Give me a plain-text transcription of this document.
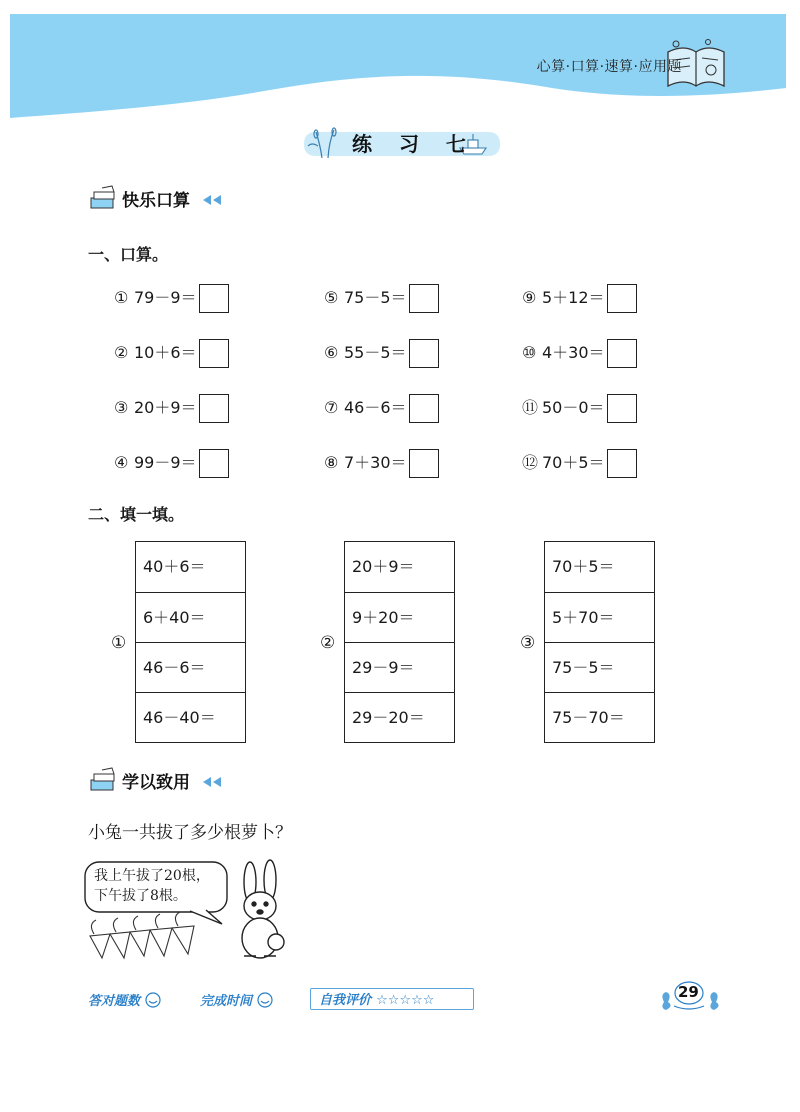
心算·口算·速算·应用题
练 习 七
快乐口算
一、口算。
① 79－9＝
② 10＋6＝
③ 20＋9＝
④ 99－9＝
⑤ 75－5＝
⑥ 55－5＝
⑦ 46－6＝
⑧ 7＋30＝
⑨ 5＋12＝
⑩ 4＋30＝
⑪ 50－0＝
⑫ 70＋5＝
二、填一填。
①
40＋6＝
6＋40＝
46－6＝
46－40＝
②
20＋9＝
9＋20＝
29－9＝
29－20＝
③
70＋5＝
5＋70＝
75－5＝
75－70＝
学以致用
小兔一共拔了多少根萝卜？
我上午拔了20根，
下午拔了8根。
答对题数	完成时间	自我评价 ☆☆☆☆☆	29
